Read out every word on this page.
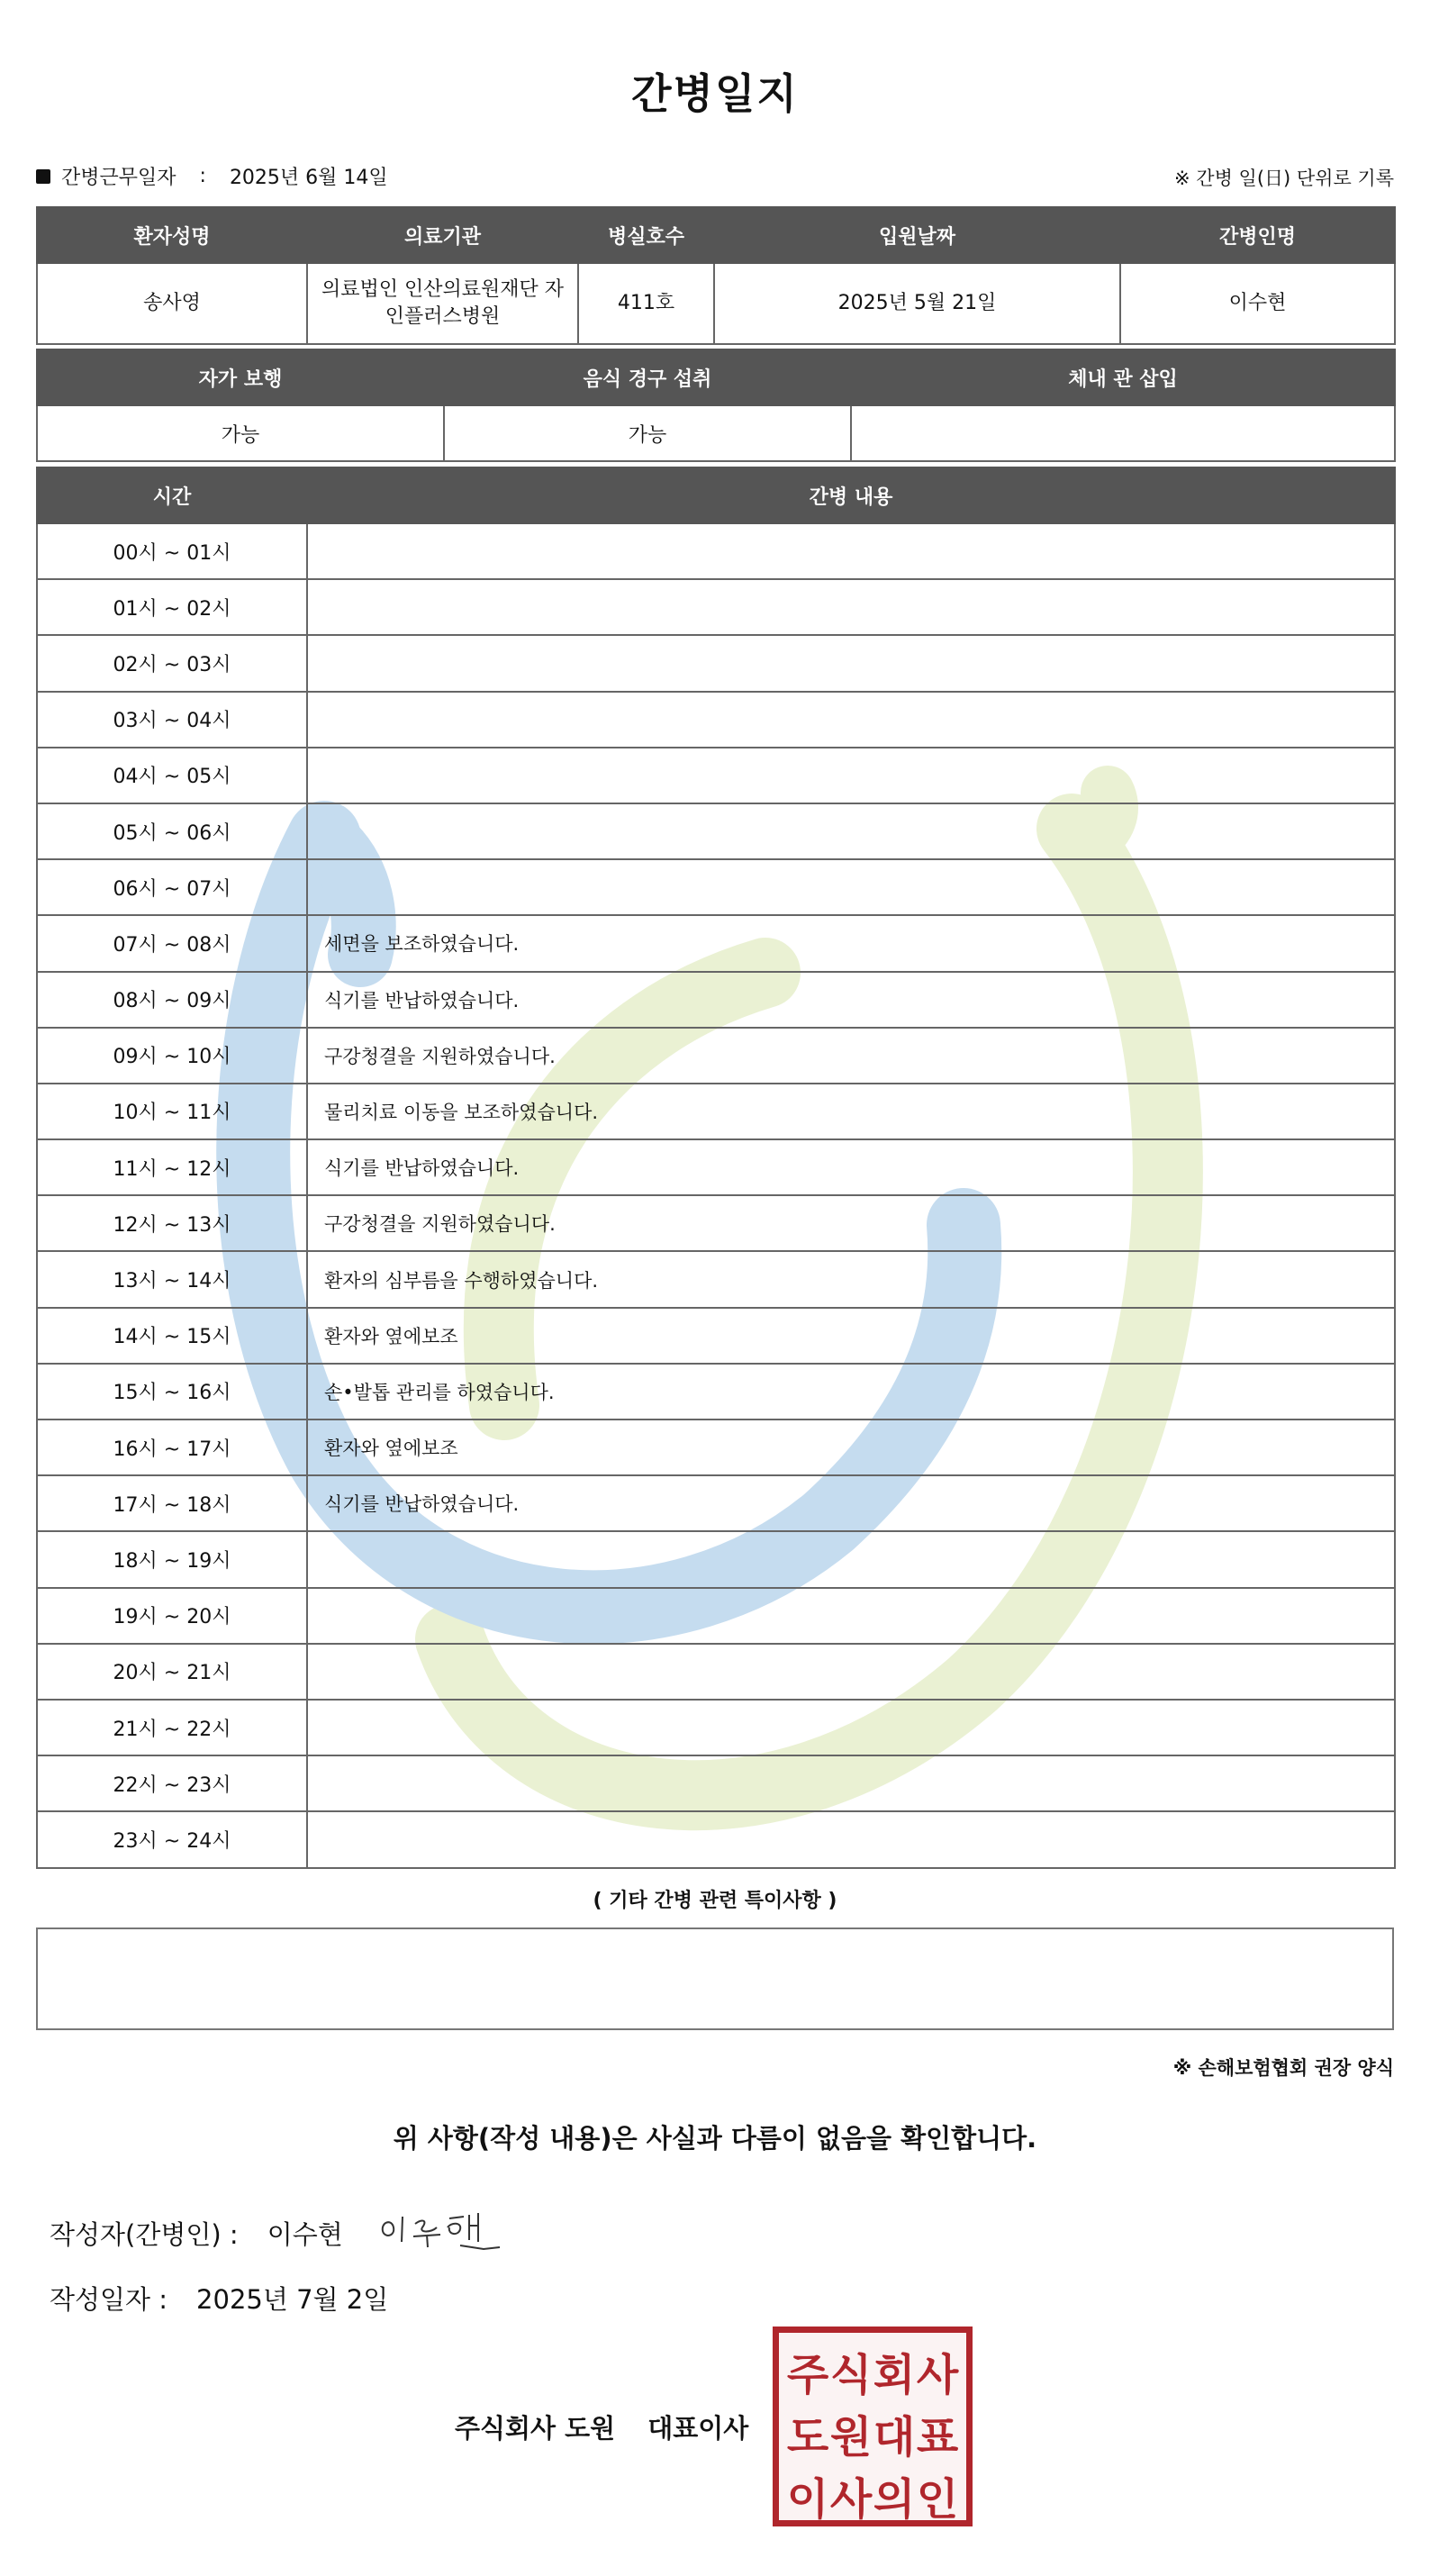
간병일지
간병근무일자 : 2025년 6월 14일	※ 간병 일(日) 단위로 기록
환자성명	의료기관	병실호수	입원날짜	간병인명
송사영	의료법인 인산의료원재단 자인플러스병원	411호	2025년 5월 21일	이수현
자가 보행	음식 경구 섭취	체내 관 삽입
가능	가능	
시간	간병 내용
00시 ~ 01시	
01시 ~ 02시	
02시 ~ 03시	
03시 ~ 04시	
04시 ~ 05시	
05시 ~ 06시	
06시 ~ 07시	
07시 ~ 08시	세면을 보조하였습니다.
08시 ~ 09시	식기를 반납하였습니다.
09시 ~ 10시	구강청결을 지원하였습니다.
10시 ~ 11시	물리치료 이동을 보조하였습니다.
11시 ~ 12시	식기를 반납하였습니다.
12시 ~ 13시	구강청결을 지원하였습니다.
13시 ~ 14시	환자의 심부름을 수행하였습니다.
14시 ~ 15시	환자와 옆에보조
15시 ~ 16시	손•발톱 관리를 하였습니다.
16시 ~ 17시	환자와 옆에보조
17시 ~ 18시	식기를 반납하였습니다.
18시 ~ 19시	
19시 ~ 20시	
20시 ~ 21시	
21시 ~ 22시	
22시 ~ 23시	
23시 ~ 24시	
( 기타 간병 관련 특이사항 )
※ 손해보험협회 권장 양식
위 사항(작성 내용)은 사실과 다름이 없음을 확인합니다.
작성자(간병인) : 이수현
작성일자 : 2025년 7월 2일
주식회사 도원 대표이사
주 식 회 사
도 원 대 표
이 사 의 인
